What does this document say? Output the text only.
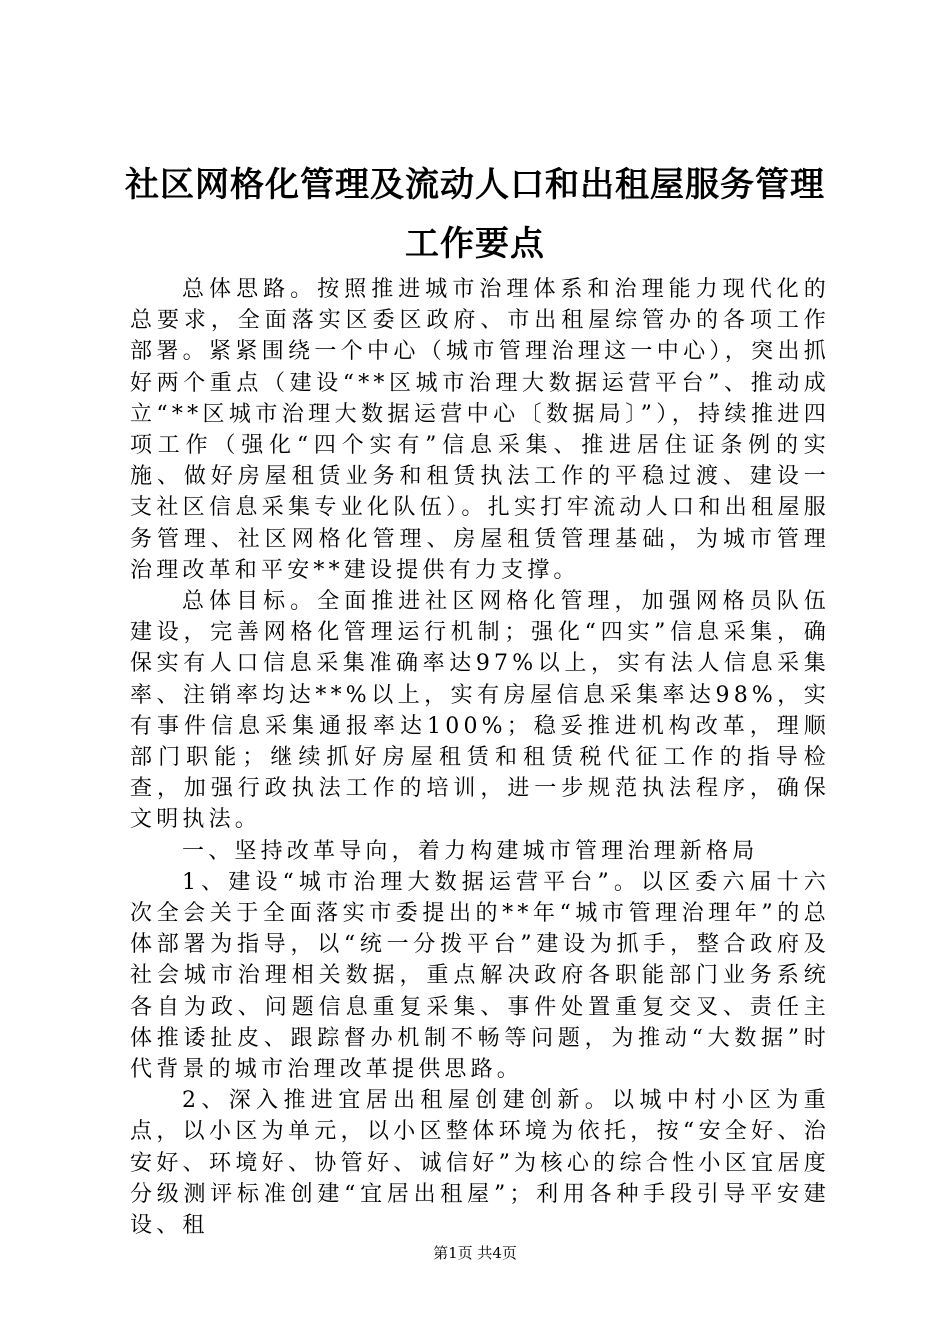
社区网格化管理及流动人口和出租屋服务管理
工作要点

总体思路。按照推进城市治理体系和治理能力现代化的总要求，全面落实区委区政府、市出租屋综管办的各项工作部署。紧紧围绕一个中心（城市管理治理这一中心），突出抓好两个重点（建设“**区城市治理大数据运营平台”、推动成立“**区城市治理大数据运营中心〔数据局〕”），持续推进四项工作（强化“四个实有”信息采集、推进居住证条例的实施、做好房屋租赁业务和租赁执法工作的平稳过渡、建设一支社区信息采集专业化队伍）。扎实打牢流动人口和出租屋服务管理、社区网格化管理、房屋租赁管理基础，为城市管理治理改革和平安**建设提供有力支撑。

总体目标。全面推进社区网格化管理，加强网格员队伍建设，完善网格化管理运行机制；强化“四实”信息采集，确保实有人口信息采集准确率达97%以上，实有法人信息采集率、注销率均达**%以上，实有房屋信息采集率达98%，实有事件信息采集通报率达100%；稳妥推进机构改革，理顺部门职能；继续抓好房屋租赁和租赁税代征工作的指导检查，加强行政执法工作的培训，进一步规范执法程序，确保文明执法。

一、坚持改革导向，着力构建城市管理治理新格局

1、建设“城市治理大数据运营平台”。以区委六届十六次全会关于全面落实市委提出的**年“城市管理治理年”的总体部署为指导，以“统一分拨平台”建设为抓手，整合政府及社会城市治理相关数据，重点解决政府各职能部门业务系统各自为政、问题信息重复采集、事件处置重复交叉、责任主体推诿扯皮、跟踪督办机制不畅等问题，为推动“大数据”时代背景的城市治理改革提供思路。

2、深入推进宜居出租屋创建创新。以城中村小区为重点，以小区为单元，以小区整体环境为依托，按“安全好、治安好、环境好、协管好、诚信好”为核心的综合性小区宜居度分级测评标准创建“宜居出租屋”；利用各种手段引导平安建设、租

第1页 共4页
